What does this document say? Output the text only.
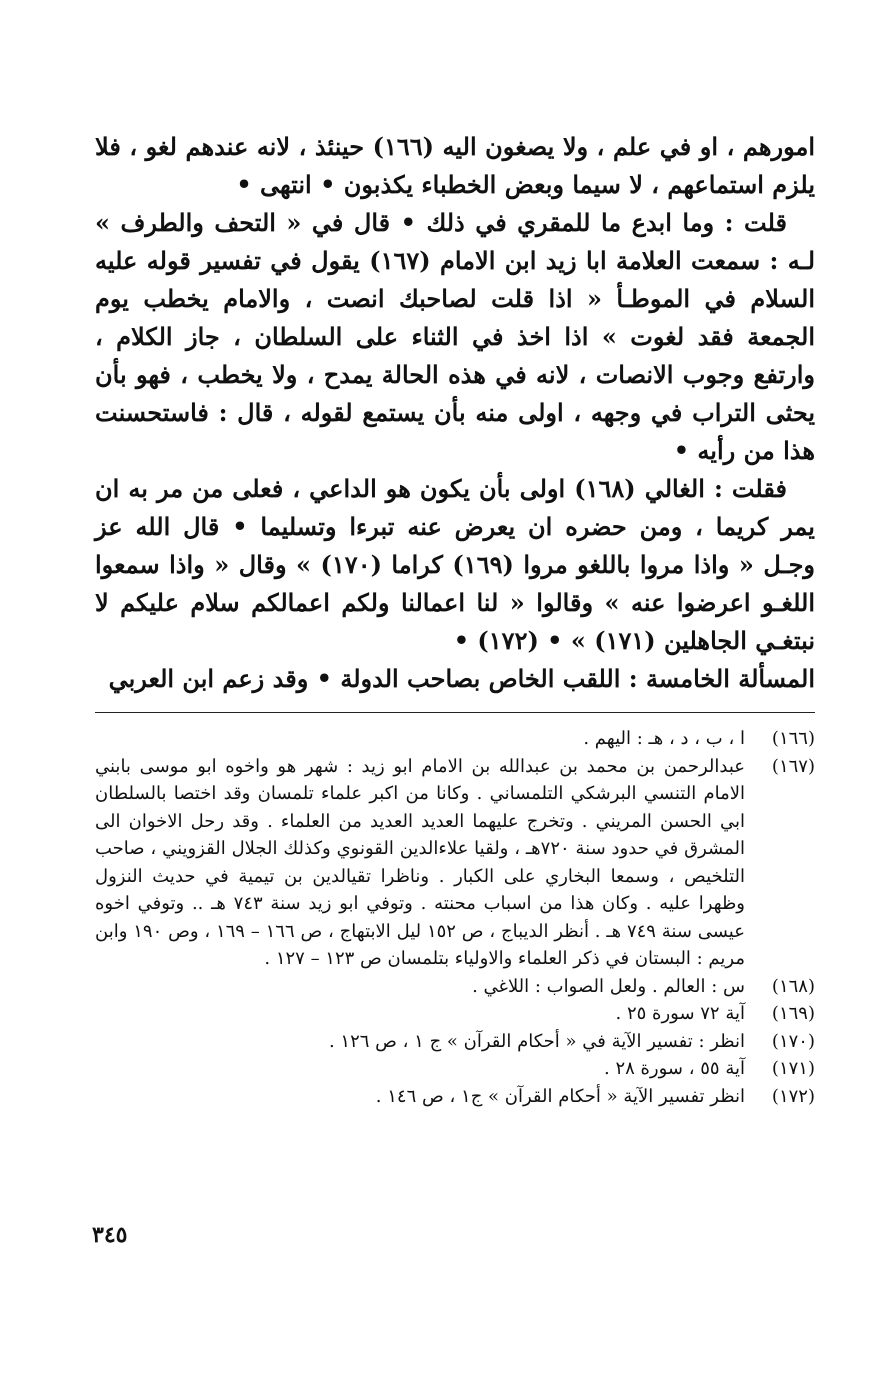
امورهم ، او في علم ، ولا يصغون اليه (١٦٦) حينئذ ، لانه عندهم لغو ، فلا يلزم استماعهم ، لا سيما وبعض الخطباء يكذبون • انتهى •

قلت : وما ابدع ما للمقري في ذلك • قال في « التحف والطرف » لـه : سمعت العلامة ابا زيد ابن الامام (١٦٧) يقول في تفسير قوله عليه السلام في الموطـأ « اذا قلت لصاحبك انصت ، والامام يخطب يوم الجمعة فقد لغوت » اذا اخذ في الثناء على السلطان ، جاز الكلام ، وارتفع وجوب الانصات ، لانه في هذه الحالة يمدح ، ولا يخطب ، فهو بأن يحثى التراب في وجهه ، اولى منه بأن يستمع لقوله ، قال : فاستحسنت هذا من رأيه •

فقلت : الغالي (١٦٨) اولى بأن يكون هو الداعي ، فعلى من مر به ان يمر كريما ، ومن حضره ان يعرض عنه تبرءا وتسليما • قال الله عز وجـل « واذا مروا باللغو مروا (١٦٩) كراما (١٧٠) » وقال « واذا سمعوا اللغـو اعرضوا عنه » وقالوا « لنا اعمالنا ولكم اعمالكم سلام عليكم لا نبتغـي الجاهلين (١٧١) » • (١٧٢) •

المسألة الخامسة : اللقب الخاص بصاحب الدولة • وقد زعم ابن العربي

(١٦٦)
ا ، ب ، د ، هـ : اليهم .
(١٦٧)
عبدالرحمن بن محمد بن عبدالله بن الامام ابو زيد : شهر هو واخوه ابو موسى بابني الامام التنسي البرشكي التلمساني . وكانا من اكبر علماء تلمسان وقد اختصا بالسلطان ابي الحسن المريني . وتخرج عليهما العديد العديد من العلماء . وقد رحل الاخوان الى المشرق في حدود سنة ٧٢٠هـ ، ولقيا علاءالدين القونوي وكذلك الجلال القزويني ، صاحب التلخيص ، وسمعا البخاري على الكبار . وناظرا تقيالدين بن تيمية في حديث النزول وظهرا عليه . وكان هذا من اسباب محنته . وتوفي ابو زيد سنة ٧٤٣ هـ .. وتوفي اخوه عيسى سنة ٧٤٩ هـ . أنظر الديباج ، ص ١٥٢ ليل الابتهاج ، ص ١٦٦ – ١٦٩ ، وص ١٩٠ وابن مريم : البستان في ذكر العلماء والاولياء بتلمسان ص ١٢٣ – ١٢٧ .
(١٦٨)
س : العالم . ولعل الصواب : اللاغي .
(١٦٩)
آية ٧٢ سورة ٢٥ .
(١٧٠)
انظر : تفسير الآية في « أحكام القرآن » ج ١ ، ص ١٢٦ .
(١٧١)
آية ٥٥ ، سورة ٢٨ .
(١٧٢)
انظر تفسير الآية « أحكام القرآن » ج١ ، ص ١٤٦ .
٣٤٥
